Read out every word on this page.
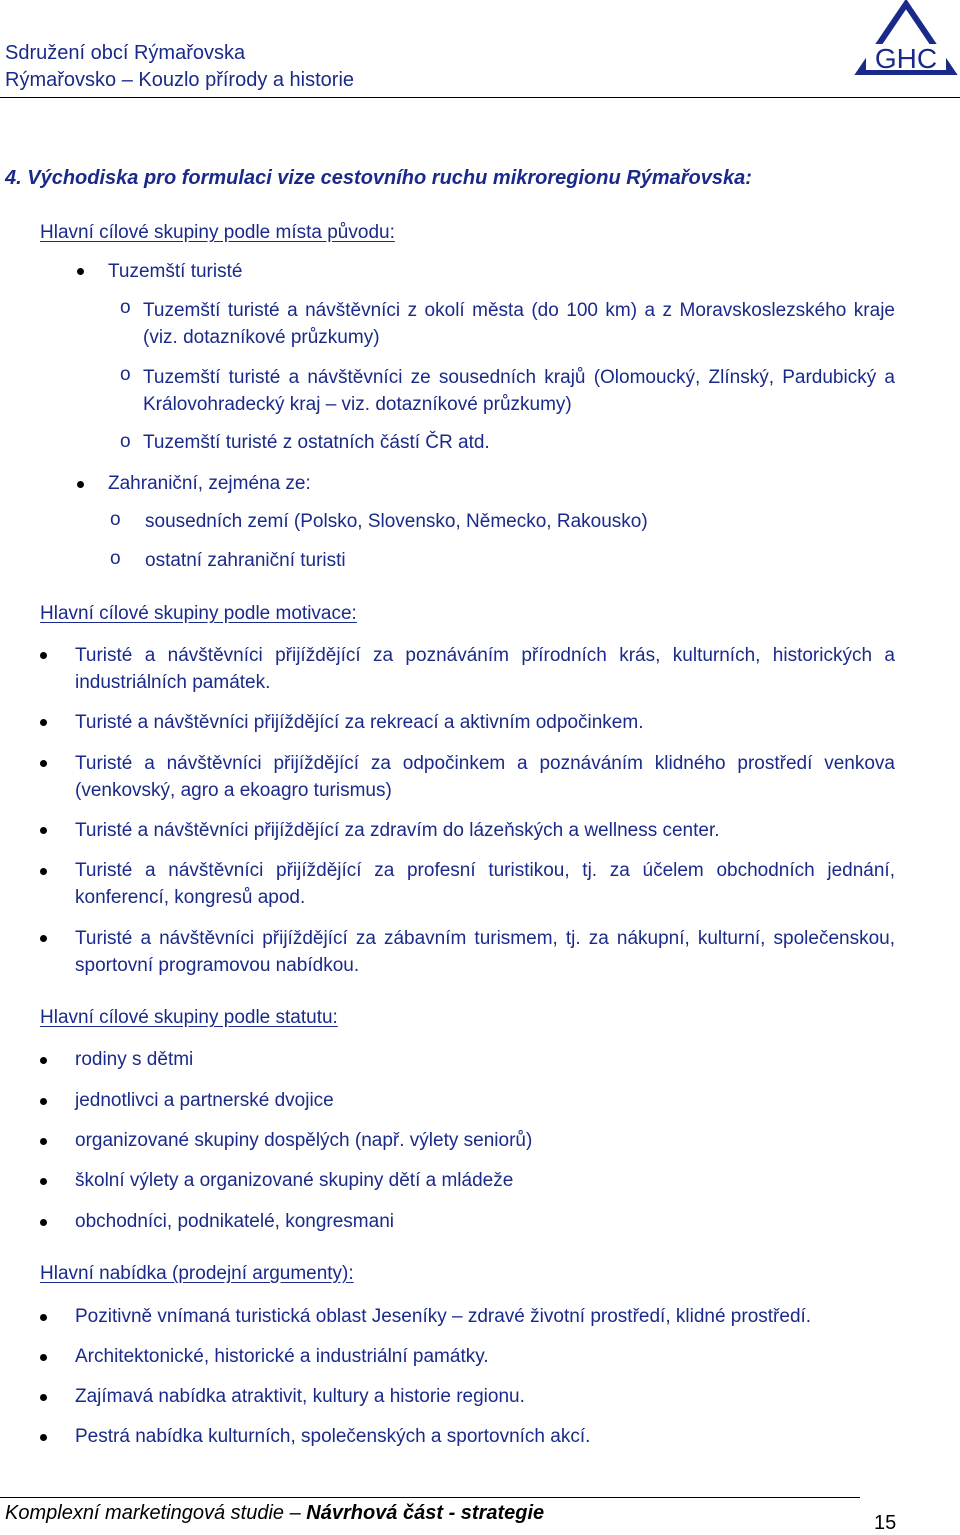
Sdružení obcí Rýmařovska
Rýmařovsko – Kouzlo přírody a historie
GHC
4. Východiska pro formulaci vize cestovního ruchu mikroregionu Rýmařovska:
Hlavní cílové skupiny podle místa původu:
Tuzemští turisté
o Tuzemští turisté a návštěvníci z okolí města (do 100 km) a z Moravskoslezského kraje (viz. dotazníkové průzkumy)
o Tuzemští turisté a návštěvníci ze sousedních krajů (Olomoucký, Zlínský, Pardubický a Královohradecký kraj – viz. dotazníkové průzkumy)
o Tuzemští turisté z ostatních částí ČR atd.
Zahraniční, zejména ze:
o sousedních zemí (Polsko, Slovensko, Německo, Rakousko)
o ostatní zahraniční turisti
Hlavní cílové skupiny podle motivace:
Turisté a návštěvníci přijíždějící za poznáváním přírodních krás, kulturních, historických a industriálních památek.
Turisté a návštěvníci přijíždějící za rekreací a aktivním odpočinkem.
Turisté a návštěvníci přijíždějící za odpočinkem a poznáváním klidného prostředí venkova (venkovský, agro a ekoagro turismus)
Turisté a návštěvníci přijíždějící za zdravím do lázeňských a wellness center.
Turisté a návštěvníci přijíždějící za profesní turistikou, tj. za účelem obchodních jednání, konferencí, kongresů apod.
Turisté a návštěvníci přijíždějící za zábavním turismem, tj. za nákupní, kulturní, společenskou, sportovní programovou nabídkou.
Hlavní cílové skupiny podle statutu:
rodiny s dětmi
jednotlivci a partnerské dvojice
organizované skupiny dospělých (např. výlety seniorů)
školní výlety a organizované skupiny dětí a mládeže
obchodníci, podnikatelé, kongresmani
Hlavní nabídka (prodejní argumenty):
Pozitivně vnímaná turistická oblast Jeseníky – zdravé životní prostředí, klidné prostředí.
Architektonické, historické a industriální památky.
Zajímavá nabídka atraktivit, kultury a historie regionu.
Pestrá nabídka kulturních, společenských a sportovních akcí.
Komplexní marketingová studie – Návrhová část - strategie	15
